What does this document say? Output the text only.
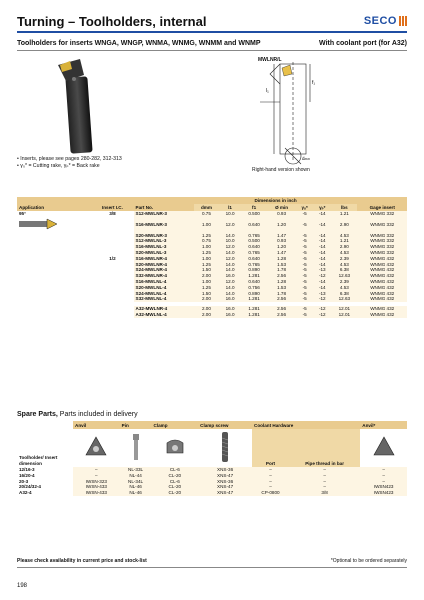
Turning – Toolholders, internal	SECO
Toolholders for inserts WNGA, WNGP, WNMA, WNMG, WNMM and WNMP	With coolant port (for A32)
MWLNR/L
l₁
f₁
dₘₘ
Right-hand version shown
• Inserts, please see pages 280-282, 312-313
• γ₀* = Cutting rake, γₚ* = Back rake
Application	Insert I.C.	Part No.	Dimensions in inch							Gage insert
			dmm	l1	f1	Ø min	γₒ*	γₚ*	lbs	
95°	3/8	S12-MWLNR-3	0.75	10.0	0.500	0.93	-5	-14	1.21	WNMG 332
		S16-MWLNR-3	1.00	12.0	0.640	1.20	-5	-14	2.90	WNMG 332
		S20-MWLNR-3	1.25	14.0	0.765	1.47	-5	-14	4.53	WNMG 332
		S12-MWLNL-3	0.75	10.0	0.500	0.93	-5	-14	1.21	WNMG 332
		S16-MWLNL-3	1.00	12.0	0.640	1.20	-5	-14	2.90	WNMG 332
		S20-MWLNL-3	1.25	14.0	0.765	1.47	-5	-14	4.53	WNMG 332
	1/2	S16-MWLNR-4	1.00	12.0	0.640	1.28	-5	-14	2.39	WNMG 432
		S20-MWLNR-4	1.25	14.0	0.765	1.53	-5	-14	4.53	WNMG 432
		S24-MWLNR-4	1.50	14.0	0.890	1.78	-5	-13	6.38	WNMG 432
		S32-MWLNR-4	2.00	16.0	1.281	2.56	-5	-12	12.63	WNMG 432
		S16-MWLNL-4	1.00	12.0	0.640	1.28	-5	-14	2.39	WNMG 432
		S20-MWLNL-4	1.25	14.0	0.756	1.53	-5	-14	4.53	WNMG 432
		S24-MWLNL-4	1.50	14.0	0.890	1.78	-5	-13	6.38	WNMG 432
		S32-MWLNL-4	2.00	16.0	1.281	2.56	-5	-12	12.63	WNMG 432

		A32-MWLNR-4	2.00	16.0	1.281	2.56	-5	-12	12.01	WNMG 432
		A32-MWLNL-4	2.00	16.0	1.281	2.56	-5	-12	12.01	WNMG 432
Spare Parts, Parts included in delivery
	Anvil	Pin	Clamp	Clamp screw	Coolant Hardware		Anvil*
Toolholder/ Insert dimension					Port	Pipe thread in bar	
12/16-3	–	NL-33L	CL-6	XNS-36	–	–	–
16/20-4	–	NL-44	CL-20	XNS-47	–	–	–
20-3	IWSN-323	NL-34L	CL-6	XNS-36	–	–	–
20/24/32-4	IWSN-433	NL-46	CL-20	XNS-47	–	–	IWSN423
A32-4	IWSN-433	NL-46	CL-20	XNS-47	CP-0800	3/8	IWSN423
Please check availability in current price and stock-list	*Optional to be ordered separately
198
